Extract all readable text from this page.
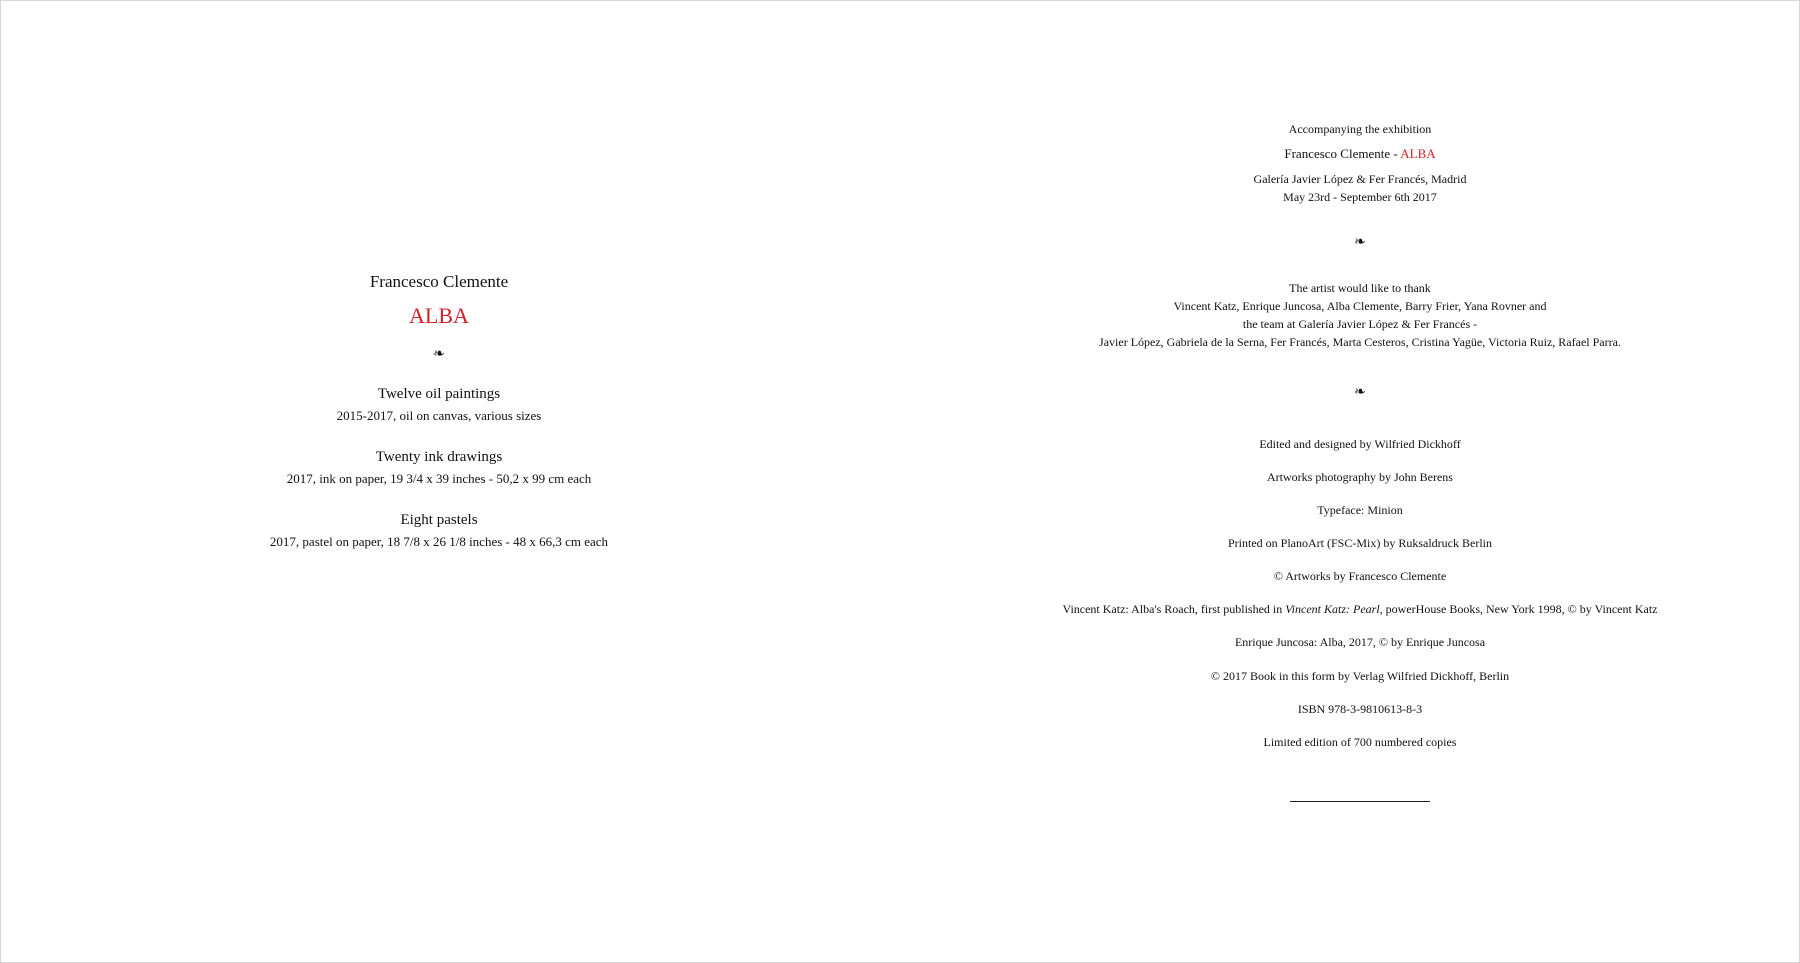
Francesco Clemente
ALBA
❧
Twelve oil paintings
2015-2017, oil on canvas, various sizes
Twenty ink drawings
2017, ink on paper, 19 3/4 x 39 inches - 50,2 x 99 cm each
Eight pastels
2017, pastel on paper, 18 7/8 x 26 1/8 inches - 48 x 66,3 cm each
Accompanying the exhibition
Francesco Clemente - ALBA
Galería Javier López & Fer Francés, Madrid
May 23rd - September 6th 2017
❧
The artist would like to thank
Vincent Katz, Enrique Juncosa, Alba Clemente, Barry Frier, Yana Rovner and
the team at Galería Javier López & Fer Francés -
Javier López, Gabriela de la Serna, Fer Francés, Marta Cesteros, Cristina Yagüe, Victoria Ruiz, Rafael Parra.
❧
Edited and designed by Wilfried Dickhoff
Artworks photography by John Berens
Typeface: Minion
Printed on PlanoArt (FSC-Mix) by Ruksaldruck Berlin
© Artworks by Francesco Clemente
Vincent Katz: Alba's Roach, first published in Vincent Katz: Pearl, powerHouse Books, New York 1998, © by Vincent Katz
Enrique Juncosa: Alba, 2017, © by Enrique Juncosa
© 2017 Book in this form by Verlag Wilfried Dickhoff, Berlin
ISBN 978-3-9810613-8-3
Limited edition of 700 numbered copies
